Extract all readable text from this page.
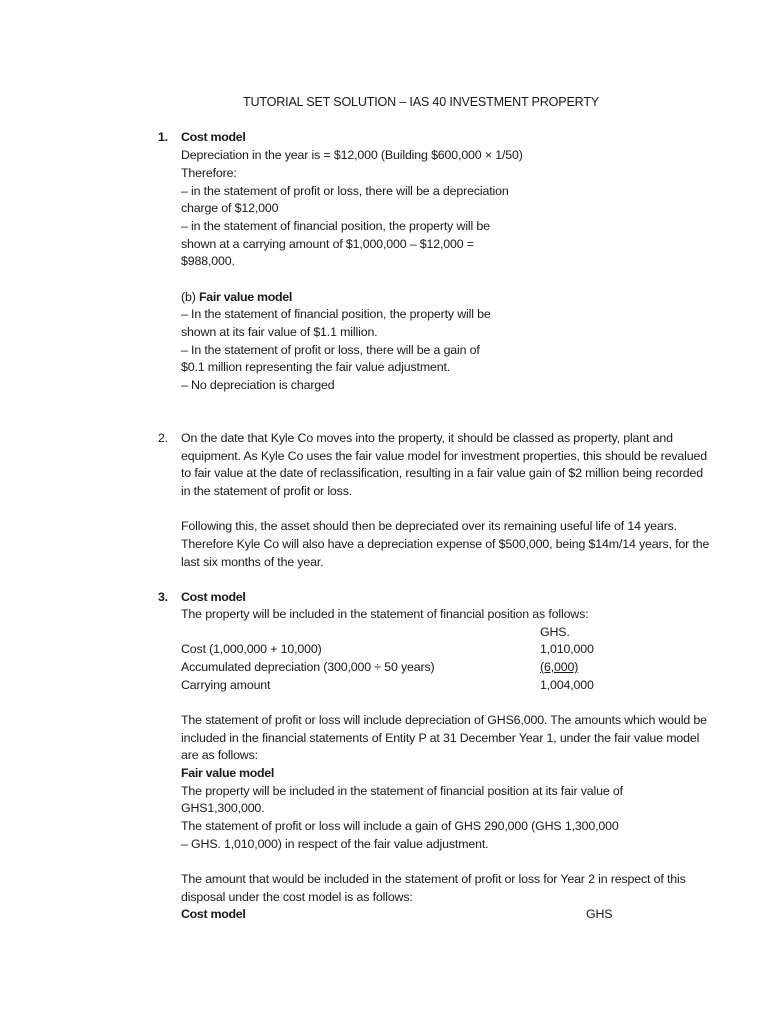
TUTORIAL SET SOLUTION – IAS 40 INVESTMENT PROPERTY
1. Cost model
Depreciation in the year is = $12,000 (Building $600,000 × 1/50)
Therefore:
– in the statement of profit or loss, there will be a depreciation
charge of $12,000
– in the statement of financial position, the property will be
shown at a carrying amount of $1,000,000 – $12,000 =
$988,000.
(b) Fair value model
– In the statement of financial position, the property will be
shown at its fair value of $1.1 million.
– In the statement of profit or loss, there will be a gain of
$0.1 million representing the fair value adjustment.
– No depreciation is charged
2. On the date that Kyle Co moves into the property, it should be classed as property, plant and
equipment. As Kyle Co uses the fair value model for investment properties, this should be revalued
to fair value at the date of reclassification, resulting in a fair value gain of $2 million being recorded
in the statement of profit or loss.
Following this, the asset should then be depreciated over its remaining useful life of 14 years.
Therefore Kyle Co will also have a depreciation expense of $500,000, being $14m/14 years, for the
last six months of the year.
3. Cost model
The property will be included in the statement of financial position as follows:
GHS.
Cost (1,000,000 + 10,000)	1,010,000
Accumulated depreciation (300,000 ÷ 50 years)	(6,000)
Carrying amount	1,004,000
The statement of profit or loss will include depreciation of GHS6,000. The amounts which would be
included in the financial statements of Entity P at 31 December Year 1, under the fair value model
are as follows:
Fair value model
The property will be included in the statement of financial position at its fair value of
GHS1,300,000.
The statement of profit or loss will include a gain of GHS 290,000 (GHS 1,300,000
– GHS. 1,010,000) in respect of the fair value adjustment.
The amount that would be included in the statement of profit or loss for Year 2 in respect of this
disposal under the cost model is as follows:
Cost model	GHS
